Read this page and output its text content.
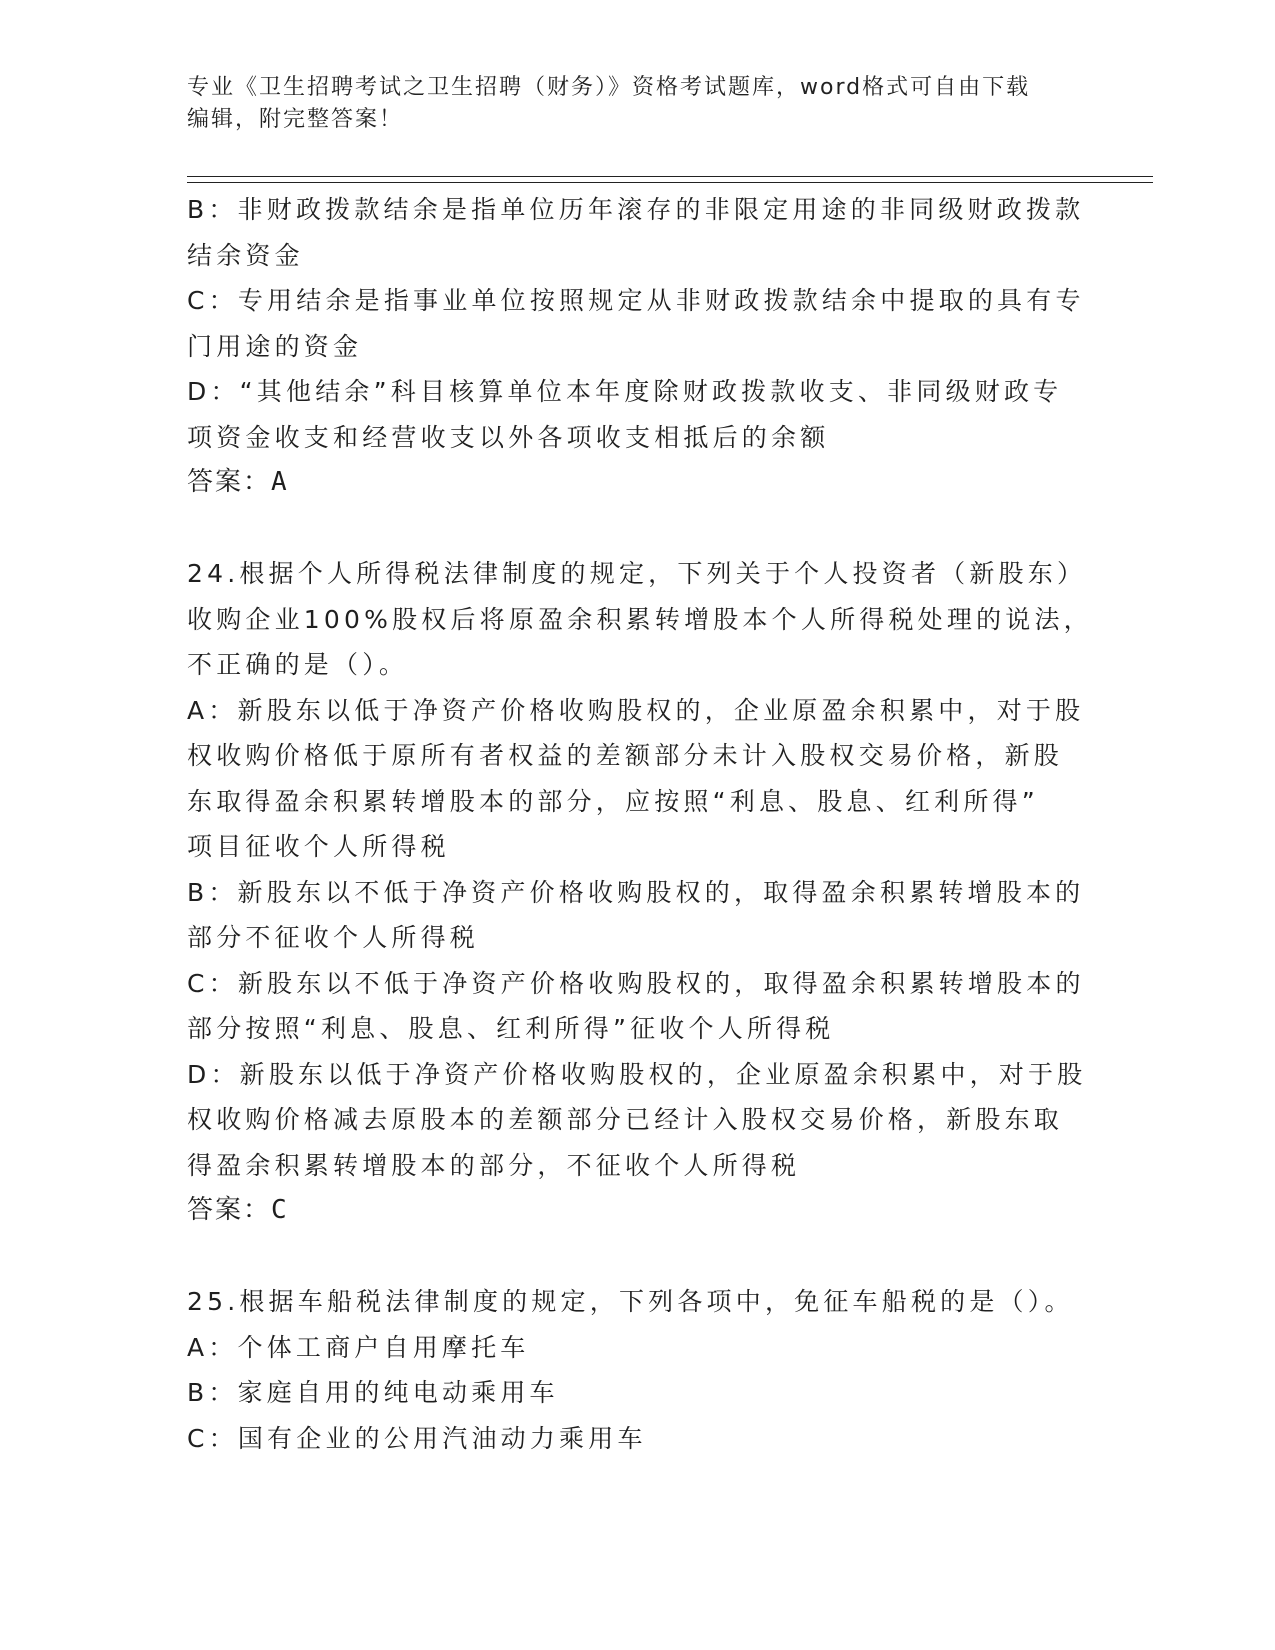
专业《卫生招聘考试之卫生招聘（财务）》资格考试题库，word格式可自由下载
编辑，附完整答案！
B：非财政拨款结余是指单位历年滚存的非限定用途的非同级财政拨款
结余资金
C：专用结余是指事业单位按照规定从非财政拨款结余中提取的具有专
门用途的资金
D：“其他结余”科目核算单位本年度除财政拨款收支、非同级财政专
项资金收支和经营收支以外各项收支相抵后的余额
答案：A
24.根据个人所得税法律制度的规定，下列关于个人投资者（新股东）
收购企业100%股权后将原盈余积累转增股本个人所得税处理的说法，
不正确的是（）。
A：新股东以低于净资产价格收购股权的，企业原盈余积累中，对于股
权收购价格低于原所有者权益的差额部分未计入股权交易价格，新股
东取得盈余积累转增股本的部分，应按照“利息、股息、红利所得”
项目征收个人所得税
B：新股东以不低于净资产价格收购股权的，取得盈余积累转增股本的
部分不征收个人所得税
C：新股东以不低于净资产价格收购股权的，取得盈余积累转增股本的
部分按照“利息、股息、红利所得”征收个人所得税
D：新股东以低于净资产价格收购股权的，企业原盈余积累中，对于股
权收购价格减去原股本的差额部分已经计入股权交易价格，新股东取
得盈余积累转增股本的部分，不征收个人所得税
答案：C
25.根据车船税法律制度的规定，下列各项中，免征车船税的是（）。
A：个体工商户自用摩托车
B：家庭自用的纯电动乘用车
C：国有企业的公用汽油动力乘用车
